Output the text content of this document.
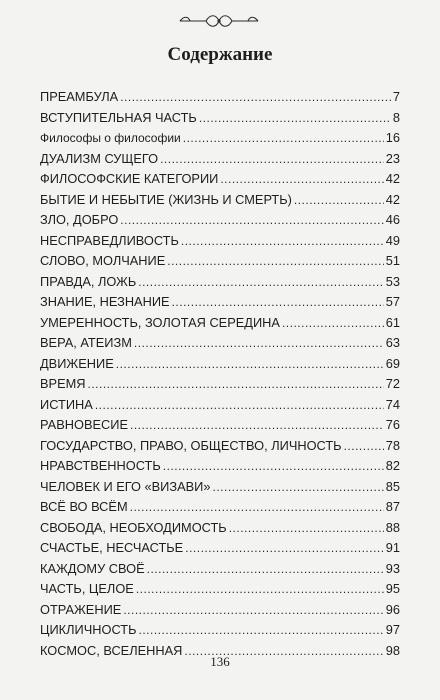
Содержание
ПРЕАМБУЛА .....	7
ВСТУПИТЕЛЬНАЯ ЧАСТЬ .....	8
Философы о философии .....	16
ДУАЛИЗМ СУЩЕГО .....	23
ФИЛОСОФСКИЕ КАТЕГОРИИ .....	42
БЫТИЕ И НЕБЫТИЕ (ЖИЗНЬ И СМЕРТЬ) .....	42
ЗЛО, ДОБРО .....	46
НЕСПРАВЕДЛИВОСТЬ .....	49
СЛОВО, МОЛЧАНИЕ .....	51
ПРАВДА, ЛОЖЬ .....	53
ЗНАНИЕ, НЕЗНАНИЕ .....	57
УМЕРЕННОСТЬ, ЗОЛОТАЯ СЕРЕДИНА .....	61
ВЕРА, АТЕИЗМ .....	63
ДВИЖЕНИЕ .....	69
ВРЕМЯ .....	72
ИСТИНА .....	74
РАВНОВЕСИЕ .....	76
ГОСУДАРСТВО, ПРАВО, ОБЩЕСТВО, ЛИЧНОСТЬ .....	78
НРАВСТВЕННОСТЬ .....	82
ЧЕЛОВЕК И ЕГО «ВИЗАВИ» .....	85
ВСЁ ВО ВСЁМ .....	87
СВОБОДА, НЕОБХОДИМОСТЬ .....	88
СЧАСТЬЕ, НЕСЧАСТЬЕ .....	91
КАЖДОМУ СВОЁ .....	93
ЧАСТЬ, ЦЕЛОЕ .....	95
ОТРАЖЕНИЕ .....	96
ЦИКЛИЧНОСТЬ .....	97
КОСМОС, ВСЕЛЕННАЯ .....	98
136
